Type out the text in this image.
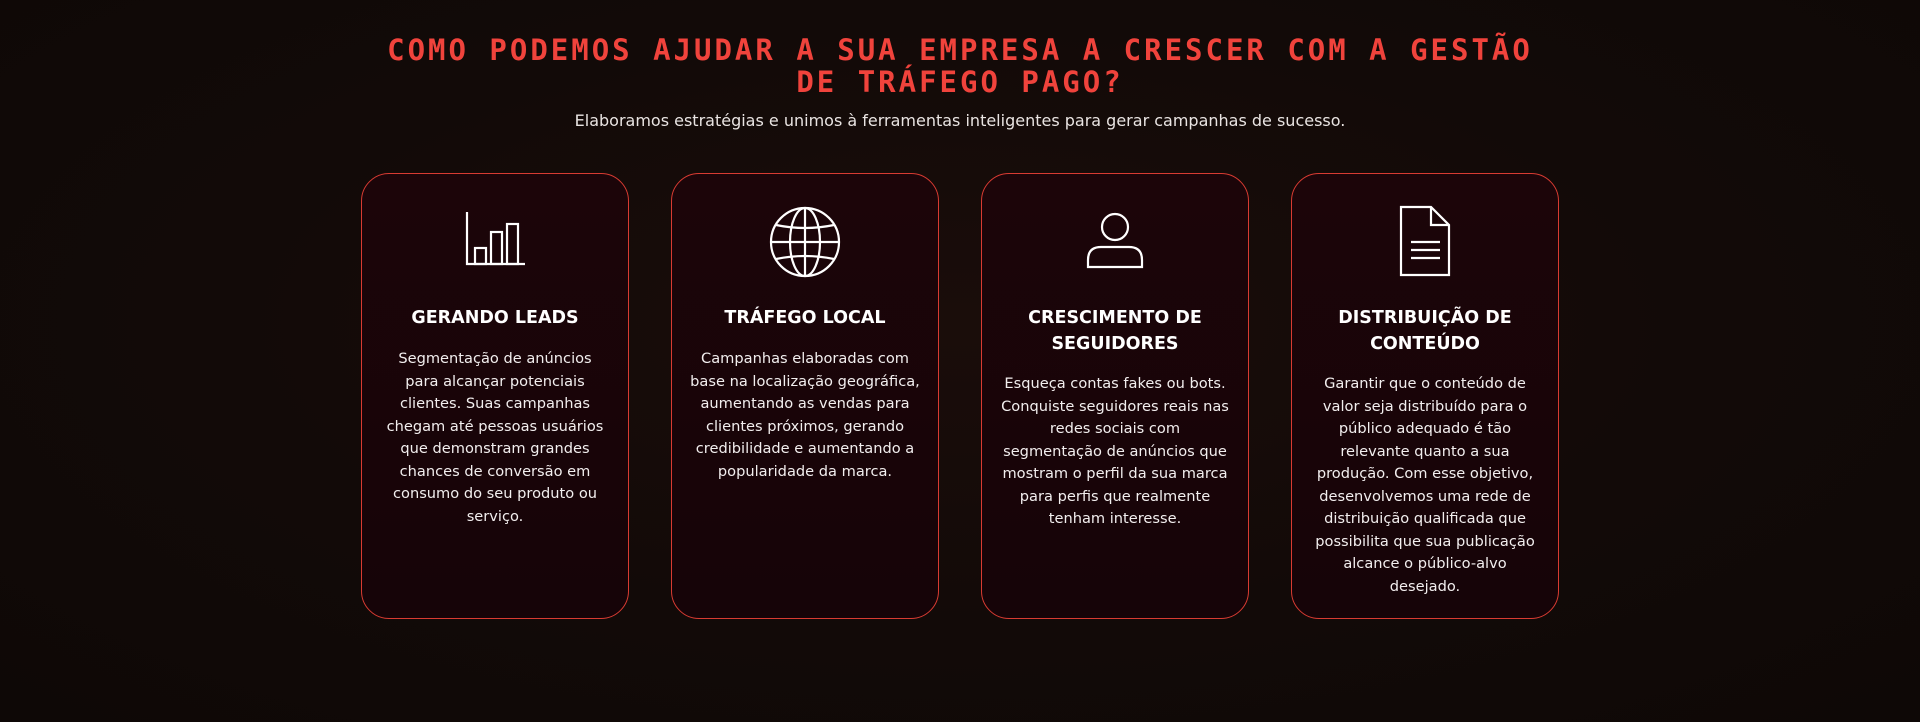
COMO PODEMOS AJUDAR A SUA EMPRESA A CRESCER COM A GESTÃO DE TRÁFEGO PAGO?

Elaboramos estratégias e unimos à ferramentas inteligentes para gerar campanhas de sucesso.

GERANDO LEADS

Segmentação de anúncios para alcançar potenciais clientes. Suas campanhas chegam até pessoas usuários que demonstram grandes chances de conversão em consumo do seu produto ou serviço.

TRÁFEGO LOCAL

Campanhas elaboradas com base na localização geográfica, aumentando as vendas para clientes próximos, gerando credibilidade e aumentando a popularidade da marca.

CRESCIMENTO DE SEGUIDORES

Esqueça contas fakes ou bots. Conquiste seguidores reais nas redes sociais com segmentação de anúncios que mostram o perfil da sua marca para perfis que realmente tenham interesse.

DISTRIBUIÇÃO DE CONTEÚDO

Garantir que o conteúdo de valor seja distribuído para o público adequado é tão relevante quanto a sua produção. Com esse objetivo, desenvolvemos uma rede de distribuição qualificada que possibilita que sua publicação alcance o público-alvo desejado.
